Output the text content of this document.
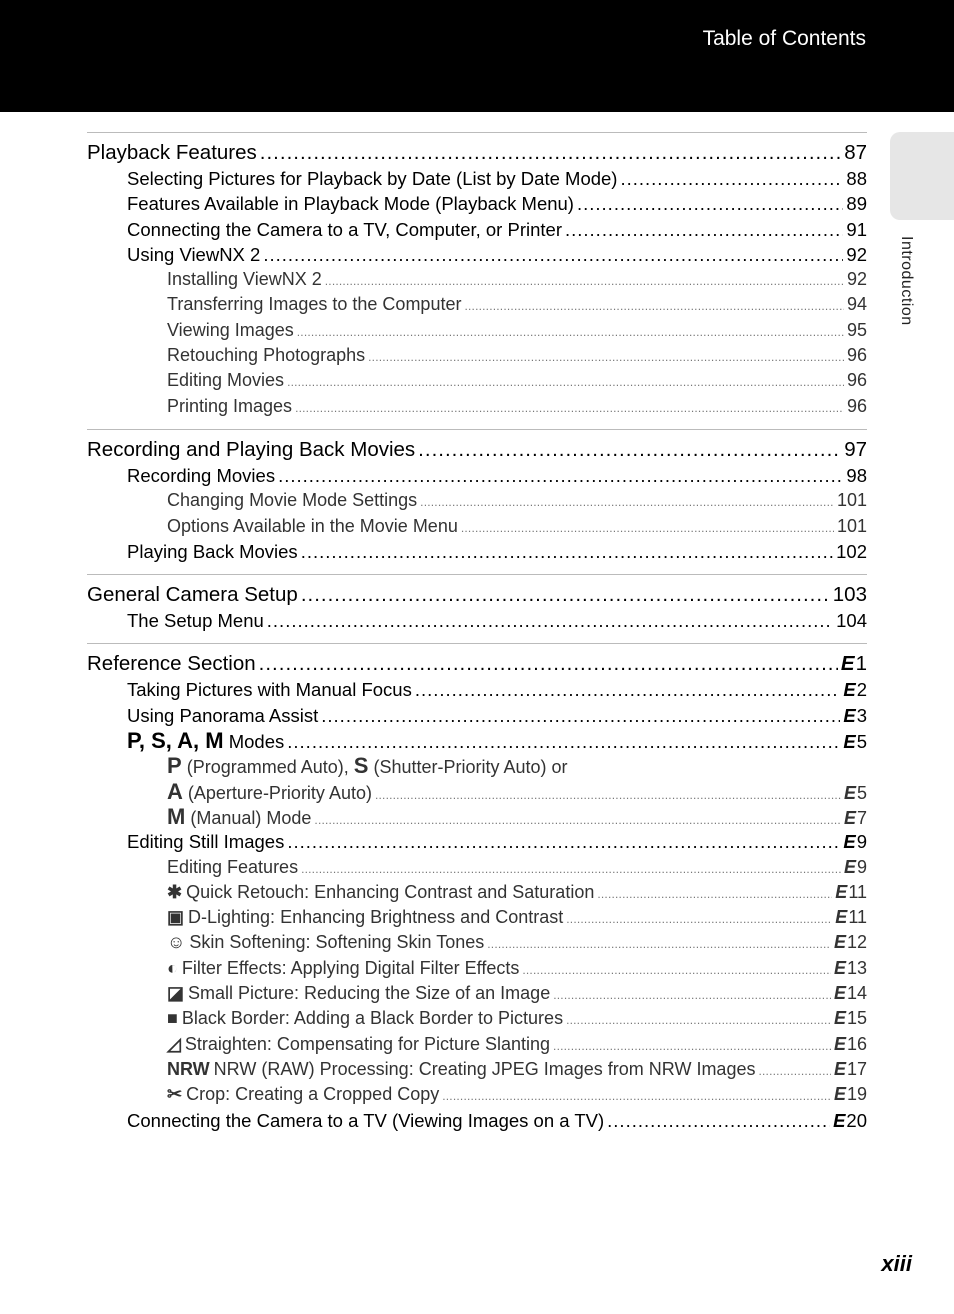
Table of Contents
Introduction
Playback Features .....	87
Selecting Pictures for Playback by Date (List by Date Mode) .....	88
Features Available in Playback Mode (Playback Menu) .....	89
Connecting the Camera to a TV, Computer, or Printer .....	91
Using ViewNX 2 .....	92
Installing ViewNX 2 .....	92
Transferring Images to the Computer .....	94
Viewing Images .....	95
Retouching Photographs .....	96
Editing Movies .....	96
Printing Images .....	96
Recording and Playing Back Movies .....	97
Recording Movies .....	98
Changing Movie Mode Settings .....	101
Options Available in the Movie Menu .....	101
Playing Back Movies .....	102
General Camera Setup .....	103
The Setup Menu .....	104
Reference Section .....	E1
Taking Pictures with Manual Focus .....	E2
Using Panorama Assist .....	E3
P, S, A, M Modes .....	E5
P (Programmed Auto), S (Shutter-Priority Auto) or
A (Aperture-Priority Auto) .....	E5
M (Manual) Mode .....	E7
Editing Still Images .....	E9
Editing Features .....	E9
✱ Quick Retouch: Enhancing Contrast and Saturation .....	E11
▣ D-Lighting: Enhancing Brightness and Contrast .....	E11
☺ Skin Softening: Softening Skin Tones .....	E12
◐ Filter Effects: Applying Digital Filter Effects .....	E13
◪ Small Picture: Reducing the Size of an Image .....	E14
■ Black Border: Adding a Black Border to Pictures .....	E15
◿ Straighten: Compensating for Picture Slanting .....	E16
NRW NRW (RAW) Processing: Creating JPEG Images from NRW Images .....	E17
✂ Crop: Creating a Cropped Copy .....	E19
Connecting the Camera to a TV (Viewing Images on a TV) .....	E20
xiii
